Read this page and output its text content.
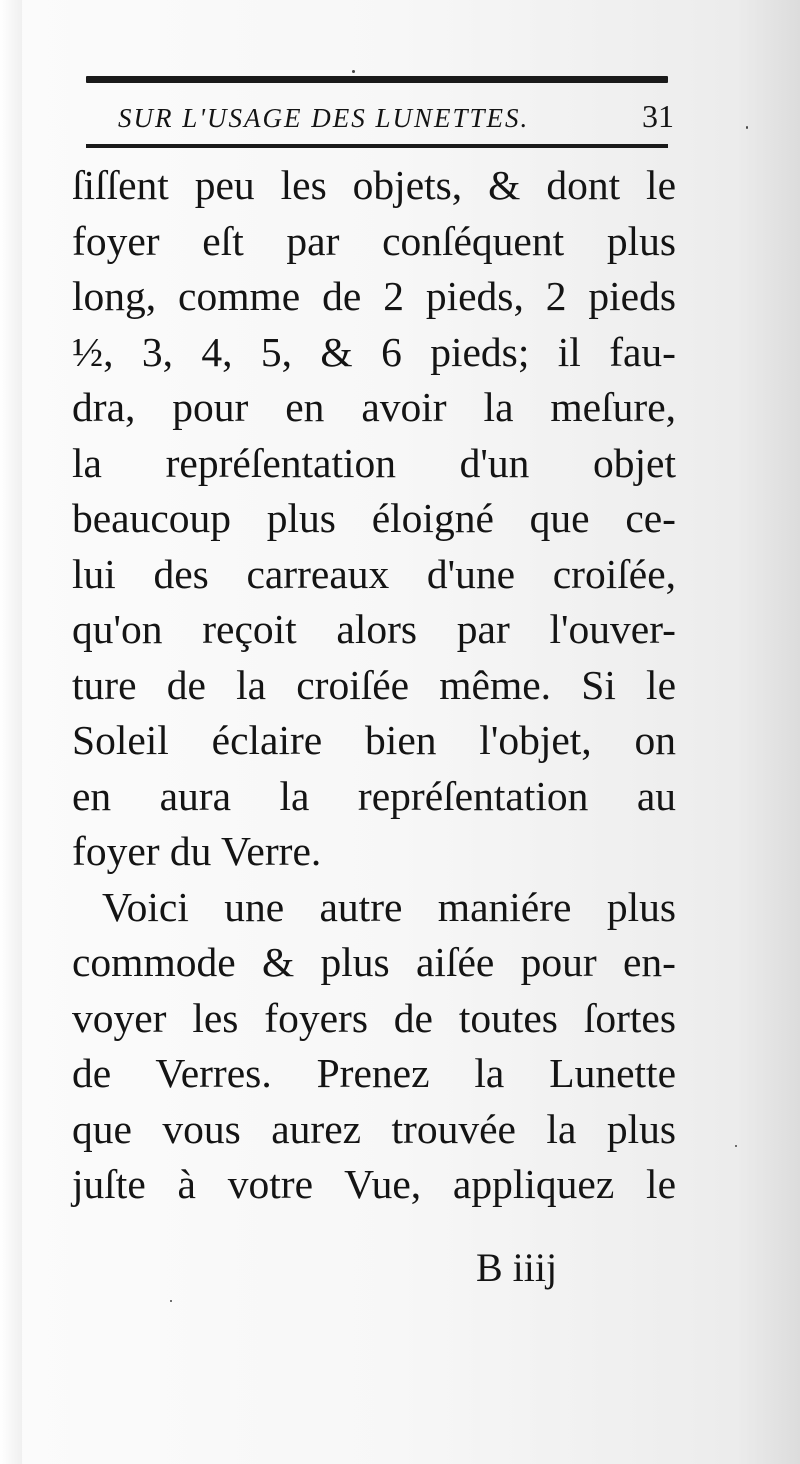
SUR L'USAGE DES LUNETTES.	31
ſiſſent peu les objets, & dont le
foyer eſt par conſéquent plus
long, comme de 2 pieds, 2 pieds
½, 3, 4, 5, & 6 pieds; il fau-
dra, pour en avoir la meſure,
la repréſentation d'un objet
beaucoup plus éloigné que ce-
lui des carreaux d'une croiſée,
qu'on reçoit alors par l'ouver-
ture de la croiſée même. Si le
Soleil éclaire bien l'objet, on
en aura la repréſentation au
foyer du Verre.
Voici une autre maniére plus
commode & plus aiſée pour en-
voyer les foyers de toutes ſortes
de Verres. Prenez la Lunette
que vous aurez trouvée la plus
juſte à votre Vue, appliquez le
B iiij
